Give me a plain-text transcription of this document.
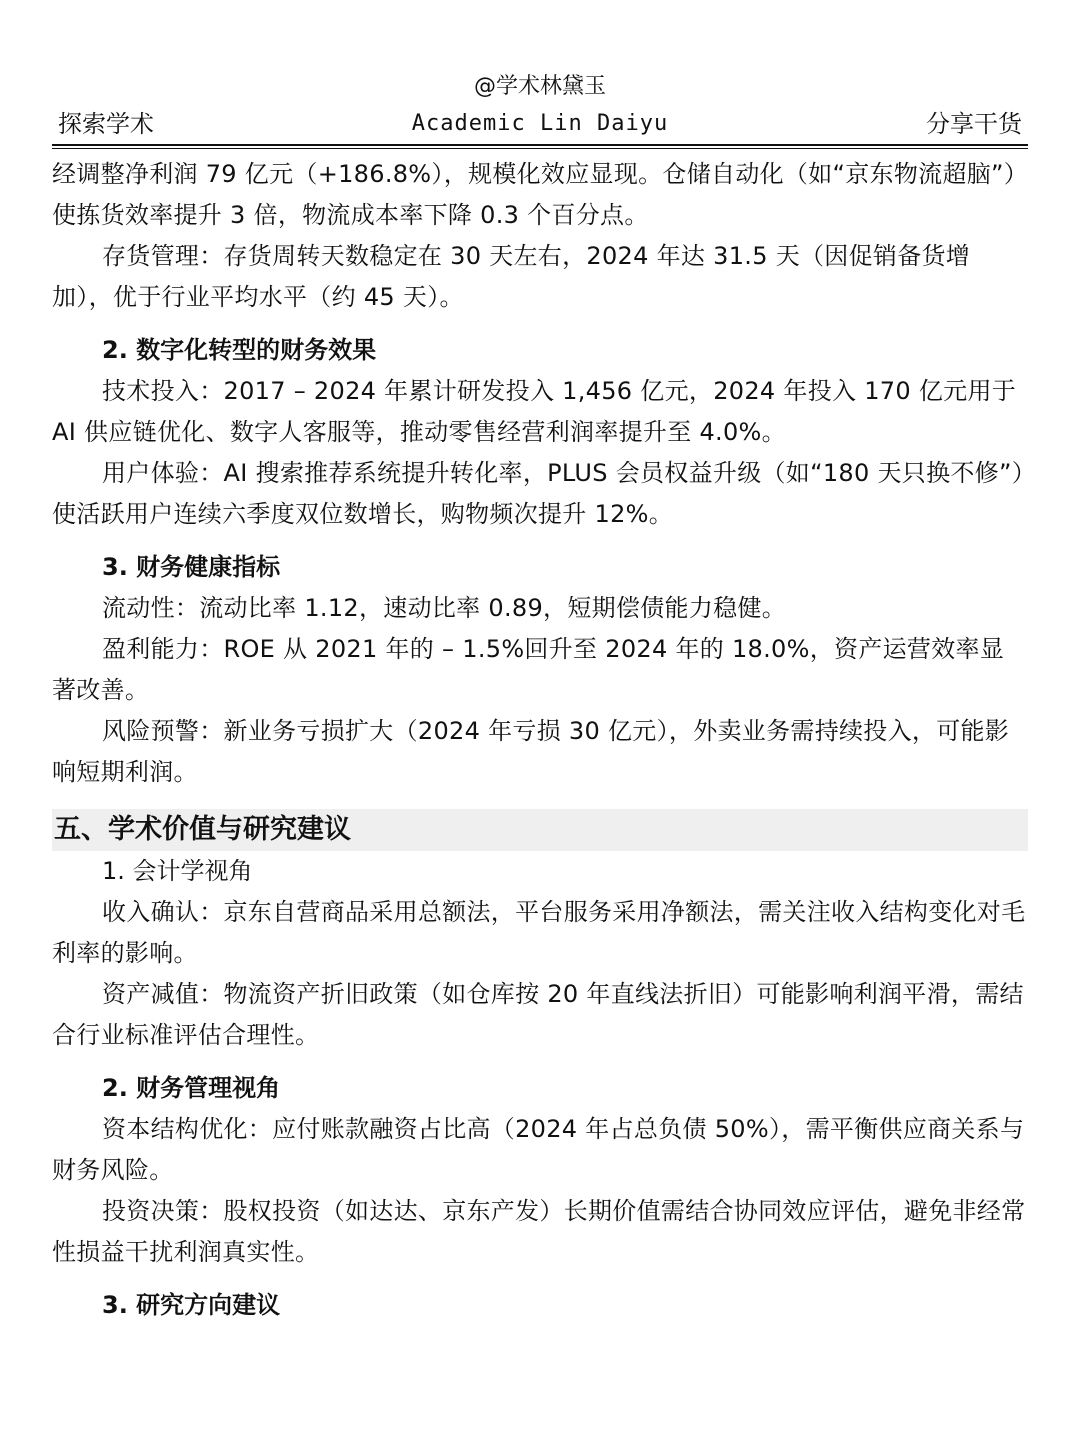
@学术林黛玉
探索学术	Academic Lin Daiyu	分享干货

经调整净利润 79 亿元（+186.8%），规模化效应显现。仓储自动化（如“京东物流超脑”）使拣货效率提升 3 倍，物流成本率下降 0.3 个百分点。

存货管理：存货周转天数稳定在 30 天左右，2024 年达 31.5 天（因促销备货增加），优于行业平均水平（约 45 天）。

2. 数字化转型的财务效果

技术投入：2017 – 2024 年累计研发投入 1,456 亿元，2024 年投入 170 亿元用于 AI 供应链优化、数字人客服等，推动零售经营利润率提升至 4.0%。

用户体验：AI 搜索推荐系统提升转化率，PLUS 会员权益升级（如“180 天只换不修”）使活跃用户连续六季度双位数增长，购物频次提升 12%。

3. 财务健康指标

流动性：流动比率 1.12，速动比率 0.89，短期偿债能力稳健。

盈利能力：ROE 从 2021 年的 – 1.5%回升至 2024 年的 18.0%，资产运营效率显著改善。

风险预警：新业务亏损扩大（2024 年亏损 30 亿元），外卖业务需持续投入，可能影响短期利润。

五、学术价值与研究建议

1. 会计学视角

收入确认：京东自营商品采用总额法，平台服务采用净额法，需关注收入结构变化对毛利率的影响。

资产减值：物流资产折旧政策（如仓库按 20 年直线法折旧）可能影响利润平滑，需结合行业标准评估合理性。

2. 财务管理视角

资本结构优化：应付账款融资占比高（2024 年占总负债 50%），需平衡供应商关系与财务风险。

投资决策：股权投资（如达达、京东产发）长期价值需结合协同效应评估，避免非经常性损益干扰利润真实性。

3. 研究方向建议
